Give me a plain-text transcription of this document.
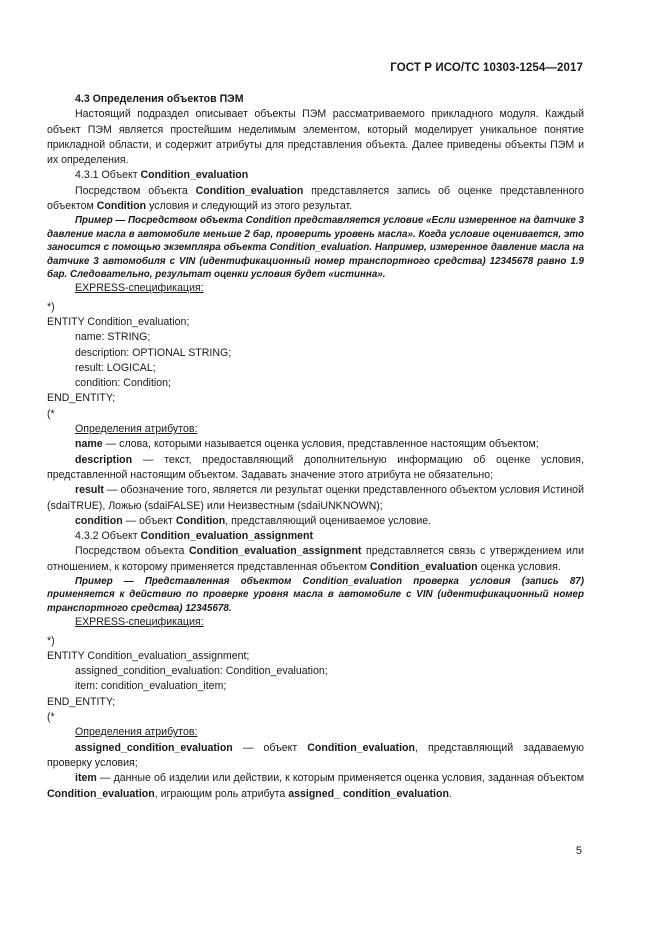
ГОСТ Р ИСО/ТС 10303-1254—2017

4.3 Определения объектов ПЭМ

Настоящий подраздел описывает объекты ПЭМ рассматриваемого прикладного модуля. Каждый объект ПЭМ является простейшим неделимым элементом, который моделирует уникальное понятие прикладной области, и содержит атрибуты для представления объекта. Далее приведены объекты ПЭМ и их определения.

4.3.1 Объект Condition_evaluation

Посредством объекта Condition_evaluation представляется запись об оценке представленного объектом Condition условия и следующий из этого результат.

Пример — Посредством объекта Condition представляется условие «Если измеренное на датчике 3 давление масла в автомобиле меньше 2 бар, проверить уровень масла». Когда условие оценивается, это заносится с помощью экземпляра объекта Condition_evaluation. Например, измеренное давление масла на датчике 3 автомобиля с VIN (идентификационный номер транспортного средства) 12345678 равно 1.9 бар. Следовательно, результат оценки условия будет «истинна».

EXPRESS-спецификация:

*)

ENTITY Condition_evaluation;

name: STRING;

description: OPTIONAL STRING;

result: LOGICAL;

condition: Condition;

END_ENTITY;

(*

Определения атрибутов:

name — слова, которыми называется оценка условия, представленное настоящим объектом;

description — текст, предоставляющий дополнительную информацию об оценке условия, представленной настоящим объектом. Задавать значение этого атрибута не обязательно;

result — обозначение того, является ли результат оценки представленного объектом условия Истиной (sdaiTRUE), Ложью (sdaiFALSE) или Неизвестным (sdaiUNKNOWN);

condition — объект Condition, представляющий оцениваемое условие.

4.3.2 Объект Condition_evaluation_assignment

Посредством объекта Condition_evaluation_assignment представляется связь с утверждением или отношением, к которому применяется представленная объектом Condition_evaluation оценка условия.

Пример — Представленная объектом Condition_evaluation проверка условия (запись 87) применяется к действию по проверке уровня масла в автомобиле с VIN (идентификационный номер транспортного средства) 12345678.

EXPRESS-спецификация:

*)

ENTITY Condition_evaluation_assignment;

assigned_condition_evaluation: Condition_evaluation;

item: condition_evaluation_item;

END_ENTITY;

(*

Определения атрибутов:

assigned_condition_evaluation — объект Condition_evaluation, представляющий задаваемую проверку условия;

item — данные об изделии или действии, к которым применяется оценка условия, заданная объектом Condition_evaluation, играющим роль атрибута assigned_ condition_evaluation.

5
